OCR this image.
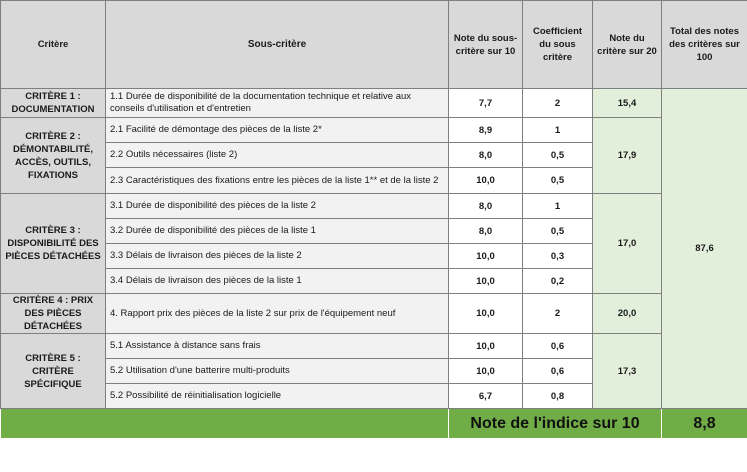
Critère	Sous-critère	Note du sous-critère sur 10	Coefficient du sous critère	Note du critère sur 20	Total des notes des critères sur 100
CRITÈRE 1 : DOCUMENTATION	1.1 Durée de disponibilité de la documentation technique et relative aux conseils d'utilisation et d'entretien	7,7	2	15,4	87,6
CRITÈRE 2 : DÉMONTABILITÉ, ACCÈS, OUTILS, FIXATIONS	2.1 Facilité de démontage des pièces de la liste 2*	8,9	1	17,9	
	2.2 Outils nécessaires (liste 2)	8,0	0,5		
	2.3 Caractéristiques des fixations entre les pièces de la liste 1** et de la liste 2	10,0	0,5		
CRITÈRE 3 : DISPONIBILITÉ DES PIÈCES DÉTACHÉES	3.1 Durée de disponibilité des pièces de la liste 2	8,0	1	17,0	
	3.2 Durée de disponibilité des pièces de la liste 1	8,0	0,5		
	3.3 Délais de livraison des pièces de la liste 2	10,0	0,3		
	3.4 Délais de livraison des pièces de la liste 1	10,0	0,2		
CRITÈRE 4 : PRIX DES PIÈCES DÉTACHÉES	4. Rapport prix des pièces de la liste 2 sur prix de l'équipement neuf	10,0	2	20,0	
CRITÈRE 5 : CRITÈRE SPÉCIFIQUE	5.1 Assistance à distance sans frais	10,0	0,6	17,3	
	5.2 Utilisation d'une batterire multi-produits	10,0	0,6		
	5.2 Possibilité de réinitialisation logicielle	6,7	0,8		
		Note de l'indice sur 10			8,8
